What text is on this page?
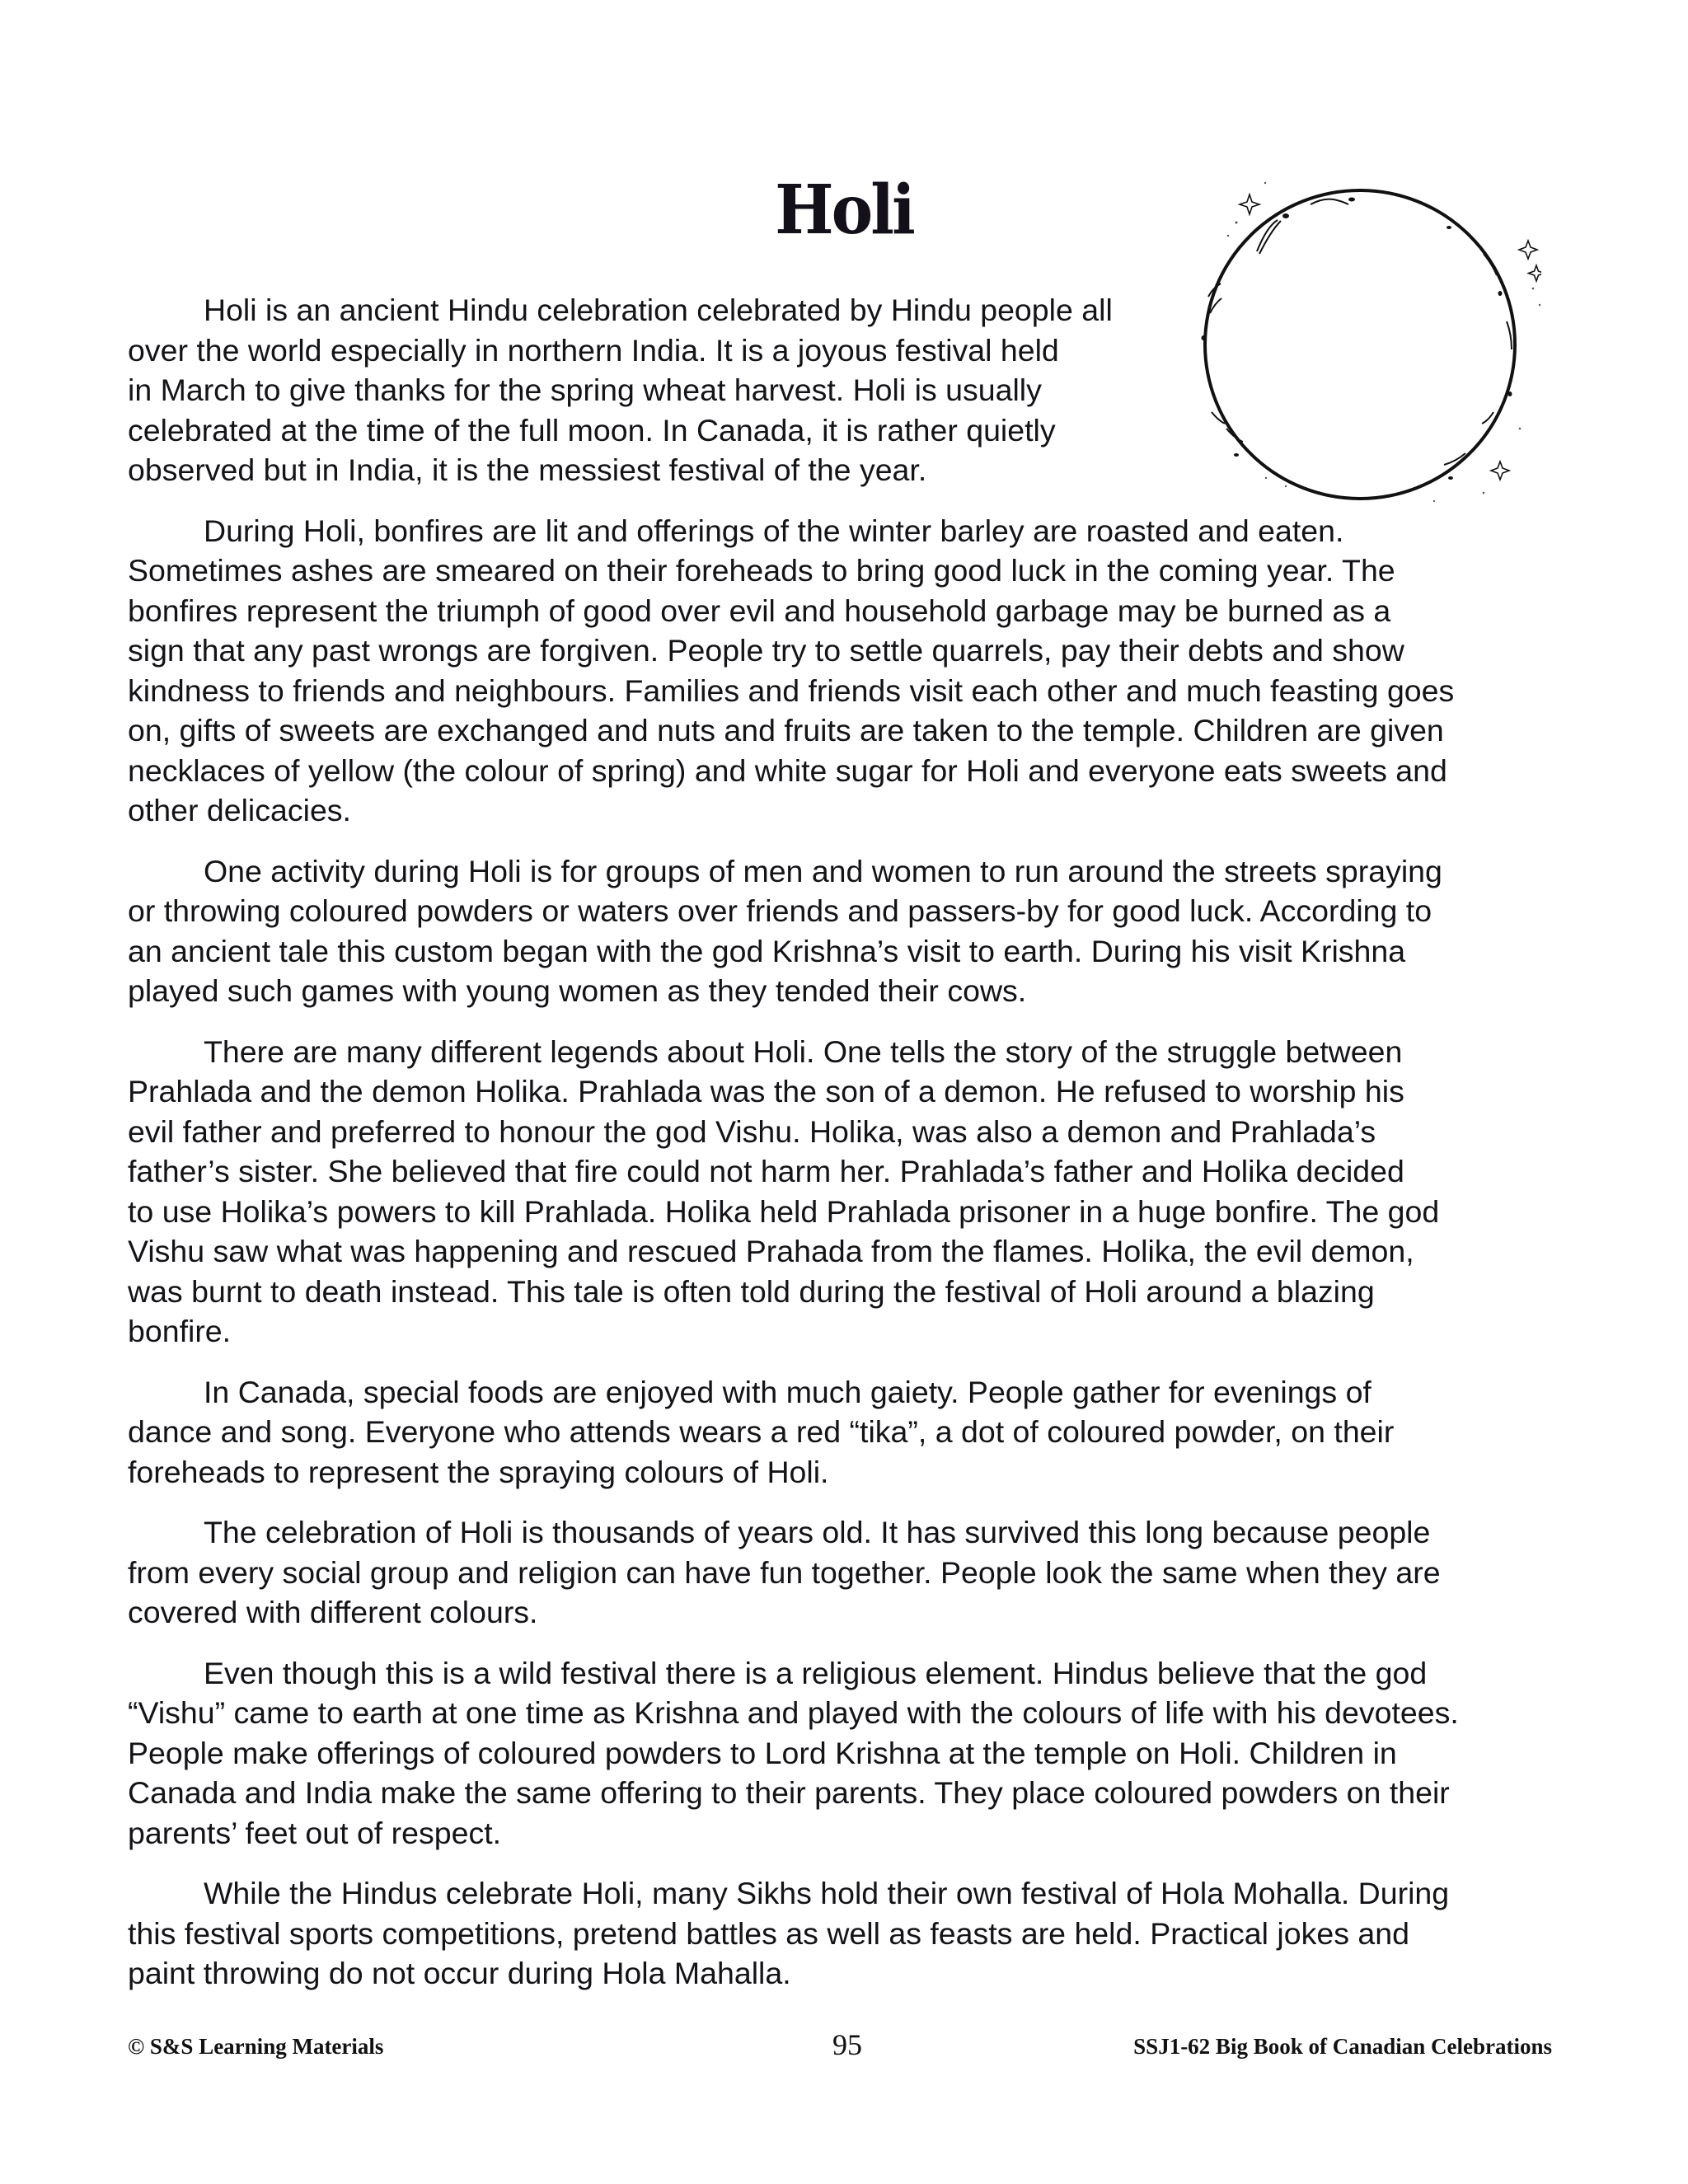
Holi

Holi is an ancient Hindu celebration celebrated by Hindu people all
over the world especially in northern India. It is a joyous festival held
in March to give thanks for the spring wheat harvest. Holi is usually
celebrated at the time of the full moon. In Canada, it is rather quietly
observed but in India, it is the messiest festival of the year.

During Holi, bonfires are lit and offerings of the winter barley are roasted and eaten.
Sometimes ashes are smeared on their foreheads to bring good luck in the coming year. The
bonfires represent the triumph of good over evil and household garbage may be burned as a
sign that any past wrongs are forgiven. People try to settle quarrels, pay their debts and show
kindness to friends and neighbours. Families and friends visit each other and much feasting goes
on, gifts of sweets are exchanged and nuts and fruits are taken to the temple. Children are given
necklaces of yellow (the colour of spring) and white sugar for Holi and everyone eats sweets and
other delicacies.

One activity during Holi is for groups of men and women to run around the streets spraying
or throwing coloured powders or waters over friends and passers-by for good luck. According to
an ancient tale this custom began with the god Krishna’s visit to earth. During his visit Krishna
played such games with young women as they tended their cows.

There are many different legends about Holi. One tells the story of the struggle between
Prahlada and the demon Holika. Prahlada was the son of a demon. He refused to worship his
evil father and preferred to honour the god Vishu. Holika, was also a demon and Prahlada’s
father’s sister. She believed that fire could not harm her. Prahlada’s father and Holika decided
to use Holika’s powers to kill Prahlada. Holika held Prahlada prisoner in a huge bonfire. The god
Vishu saw what was happening and rescued Prahada from the flames. Holika, the evil demon,
was burnt to death instead. This tale is often told during the festival of Holi around a blazing
bonfire.

In Canada, special foods are enjoyed with much gaiety. People gather for evenings of
dance and song. Everyone who attends wears a red “tika”, a dot of coloured powder, on their
foreheads to represent the spraying colours of Holi.

The celebration of Holi is thousands of years old. It has survived this long because people
from every social group and religion can have fun together. People look the same when they are
covered with different colours.

Even though this is a wild festival there is a religious element. Hindus believe that the god
“Vishu” came to earth at one time as Krishna and played with the colours of life with his devotees.
People make offerings of coloured powders to Lord Krishna at the temple on Holi. Children in
Canada and India make the same offering to their parents. They place coloured powders on their
parents’ feet out of respect.

While the Hindus celebrate Holi, many Sikhs hold their own festival of Hola Mohalla. During
this festival sports competitions, pretend battles as well as feasts are held. Practical jokes and
paint throwing do not occur during Hola Mahalla.

© S&S Learning Materials	95	SSJ1-62 Big Book of Canadian Celebrations
